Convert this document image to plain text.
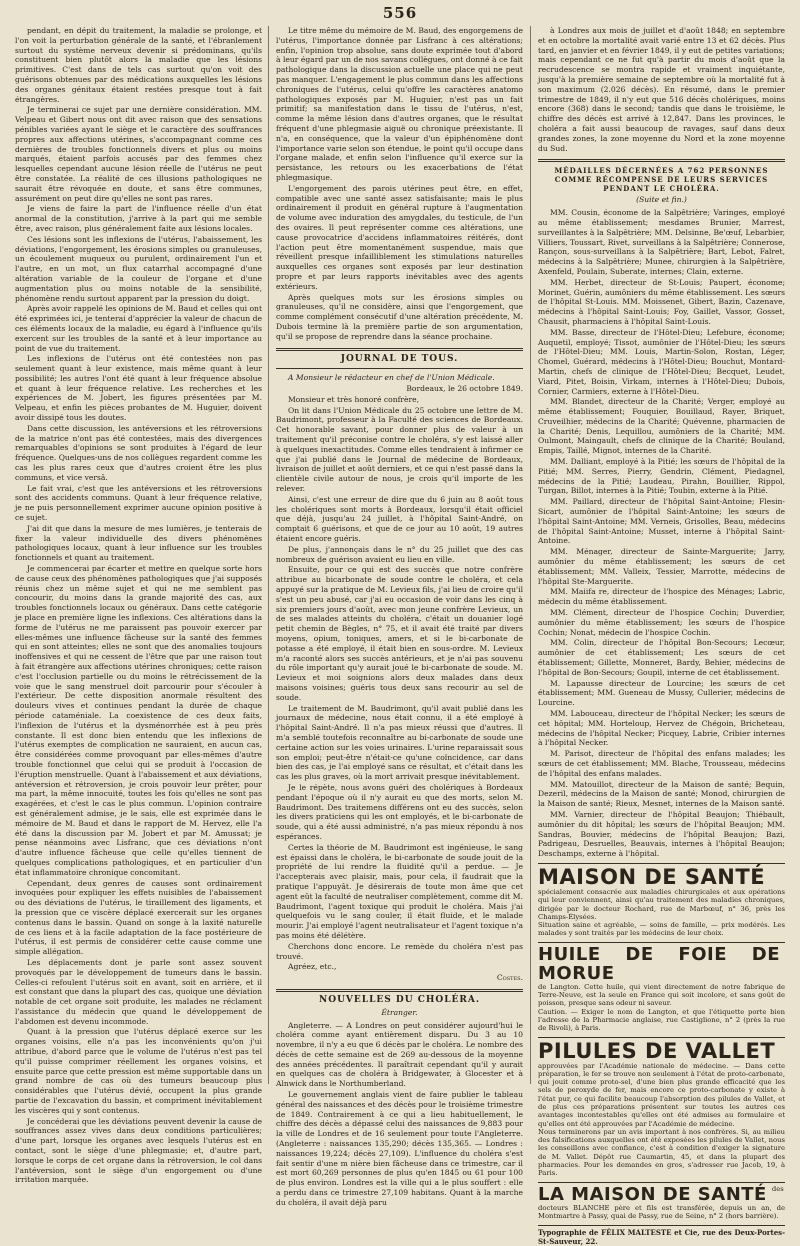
556

pendant, en dépit du traitement, la maladie se prolonge, et l'on voit la perturbation générale de la santé, et l'ébranlement surtout du système nerveux devenir si prédominans, qu'ils constituent bien plutôt alors la maladie que les lésions primitives. C'est dans de tels cas surtout qu'on voit des guérisons obtenues par des médications auxquelles les lésions des organes génitaux étaient restées presque tout à fait étrangères.

Je terminerai ce sujet par une dernière considération. MM. Velpeau et Gibert nous ont dit avec raison que des sensations pénibles variées ayant le siège et le caractère des souffrances propres aux affections utérines, s'accompagnant comme ces dernières de troubles fonctionnels divers et plus ou moins marqués, étaient parfois accusés par des femmes chez lesquelles cependant aucune lésion réelle de l'utérus ne peut être constatée. La réalité de ces illusions pathologiques ne saurait être révoquée en doute, et sans être communes, assurément on peut dire qu'elles ne sont pas rares.

Je viens de faire la part de l'influence réelle d'un état anormal de la constitution, j'arrive à la part qui me semble être, avec raison, plus généralement faite aux lésions locales.

Ces lésions sont les inflexions de l'utérus, l'abaissement, les déviations, l'engorgement, les érosions simples ou granuleuses, un écoulement muqueux ou purulent, ordinairement l'un et l'autre, en un mot, un flux catarrhal accompagné d'une altération variable de la couleur de l'organe et d'une augmentation plus ou moins notable de la sensibilité, phénomène rendu surtout apparent par la pression du doigt.

Après avoir rappelé les opinions de M. Baud et celles qui ont été exprimées ici, je tenterai d'apprécier la valeur de chacun de ces éléments locaux de la maladie, eu égard à l'influence qu'ils exercent sur les troubles de la santé et à leur importance au point de vue du traitement.

Les inflexions de l'utérus ont été contestées non pas seulement quant à leur existence, mais même quant à leur possibilité; les autres l'ont été quant à leur fréquence absolue et quant à leur fréquence relative. Les recherches et les expériences de M. Jobert, les figures présentées par M. Velpeau, et enfin les pièces probantes de M. Huguier, doivent avoir dissipé tous les doutes.

Dans cette discussion, les antéversions et les rétroversions de la matrice n'ont pas été contestées, mais des divergences remarquables d'opinions se sont produites à l'égard de leur fréquence. Quelques-uns de nos collègues regardent comme les cas les plus rares ceux que d'autres croient être les plus communs, et vice versâ.

Le fait vrai, c'est que les antéversions et les rétroversions sont des accidents communs. Quant à leur fréquence relative, je ne puis personnellement exprimer aucune opinion positive à ce sujet.

J'ai dit que dans la mesure de mes lumières, je tenterais de fixer la valeur individuelle des divers phénomènes pathologiques locaux, quant à leur influence sur les troubles fonctionnels et quant au traitement.

Je commencerai par écarter et mettre en quelque sorte hors de cause ceux des phénomènes pathologiques que j'ai supposés réunis chez un même sujet et qui ne me semblent pas concourir, du moins dans la grande majorité des cas, aux troubles fonctionnels locaux ou généraux. Dans cette catégorie je place en première ligne les inflexions. Ces altérations dans la forme de l'utérus ne me paraissent pas pouvoir exercer par elles-mêmes une influence fâcheuse sur la santé des femmes qui en sont atteintes; elles ne sont que des anomalies toujours inoffensives et qui ne cessent de l'être que par une raison tout à fait étrangère aux affections utérines chroniques; cette raison c'est l'occlusion partielle ou du moins le rétrécissement de la voie que le sang menstruel doit parcourir pour s'écouler à l'extérieur. De cette disposition anormale résultent des douleurs vives et continues pendant la durée de chaque période cataméniale. La coexistence de ces deux faits, l'inflexion de l'utérus et la dysménorrhée est à peu près constante. Il est donc bien entendu que les inflexions de l'utérus exemptes de complication ne sauraient, en aucun cas, être considérées comme provoquant par elles-mêmes d'autre trouble fonctionnel que celui qui se produit à l'occasion de l'éruption menstruelle. Quant à l'abaissement et aux déviations, antéversion et rétroversion, je crois pouvoir leur prêter, pour ma part, la même innocuité, toutes les fois qu'elles ne sont pas exagérées, et c'est le cas le plus commun. L'opinion contraire est généralement admise, je le sais, elle est exprimée dans le mémoire de M. Baud et dans le rapport de M. Hervez, elle l'a été dans la discussion par M. Jobert et par M. Amussat; je pense néanmoins avec Lisfranc, que ces déviations n'ont d'autre influence fâcheuse que celle qu'elles tiennent de quelques complications pathologiques, et en particulier d'un état inflammatoire chronique concomitant.

Cependant, deux genres de causes sont ordinairement invoquées pour expliquer les effets nuisibles de l'abaissement ou des déviations de l'utérus, le tiraillement des ligaments, et la pression que ce viscère déplacé exercerait sur les organes contenus dans le bassin. Quand on songe à la laxité naturelle de ces liens et à la facile adaptation de la face postérieure de l'utérus, il est permis de considérer cette cause comme une simple allégation.

Les déplacements dont je parle sont assez souvent provoqués par le développement de tumeurs dans le bassin. Celles-ci refoulent l'utérus soit en avant, soit en arrière, et il est constant que dans la plupart des cas, quoique une déviation notable de cet organe soit produite, les malades ne réclament l'assistance du médecin que quand le développement de l'abdomen est devenu incommode.

Quant à la pression que l'utérus déplacé exerce sur les organes voisins, elle n'a pas les inconvénients qu'on j'ui attribue, d'abord parce que le volume de l'utérus n'est pas tel qu'il puisse comprimer réellement les organes voisins, et ensuite parce que cette pression est même supportable dans un grand nombre de cas où des tumeurs beaucoup plus considérables que l'utérus dévié, occupent la plus grande partie de l'excavation du bassin, et compriment inévitablement les viscères qui y sont contenus.

Je concéderai que les déviations peuvent devenir la cause de souffrances assez vives dans deux conditions particulières; d'une part, lorsque les organes avec lesquels l'utérus est en contact, sont le siège d'une phlegmasie; et, d'autre part, lorsque le corps de cet organe dans la rétroversion, le col dans l'antéversion, sont le siège d'un engorgement ou d'une irritation marquée.

Le titre même du mémoire de M. Baud, des engorgemens de l'utérus, l'importance donnée par Lisfranc à ces altérations; enfin, l'opinion trop absolue, sans doute exprimée tout d'abord à leur égard par un de nos savans collègues, ont donné à ce fait pathologique dans la discussion actuelle une place qui ne peut pas manquer. L'engagement le plus commun dans les affections chroniques de l'utérus, celui qu'offre les caractères anatomo pathologiques exposés par M. Huguier, n'est pas un fait primitif; sa manifestation dans le tissu de l'utérus, n'est, comme la même lésion dans d'autres organes, que le résultat fréquent d'une phlegmasie aiguë ou chronique préexistante. Il n'a, en conséquence, que la valeur d'un épiphénomène dont l'importance varie selon son étendue, le point qu'il occupe dans l'organe malade, et enfin selon l'influence qu'il exerce sur la persistance, les retours ou les exacerbations de l'état phlegmasique.

L'engorgement des parois utérines peut être, en effet, compatible avec une santé assez satisfaisante; mais le plus ordinairement il produit en général rupture à l'augmentation de volume avec induration des amygdales, du testicule, de l'un des ovaires. Il peut représenter comme ces altérations, une cause provocatrice d'accidens inflammatoires réitérés, dont l'action peut être momentanément suspendue, mais que réveillent presque infailliblement les stimulations naturelles auxquelles ces organes sont exposés par leur destination propre et par leurs rapports inévitables avec des agents extérieurs.

Après quelques mots sur les érosions simples ou granuleuses, qu'il ne considère, ainsi que l'engorgement, que comme complément consécutif d'une altération précédente, M. Dubois termine là la première partie de son argumentation, qu'il se propose de reprendre dans la séance prochaine.

JOURNAL DE TOUS.

A Monsieur le rédacteur en chef de l'Union Médicale.

Bordeaux, le 26 octobre 1849.

Monsieur et très honoré confrère,

On lit dans l'Union Médicale du 25 octobre une lettre de M. Baudrimont, professeur à la Faculté des sciences de Bordeaux. Cet honorable savant, pour donner plus de valeur à un traitement qu'il préconise contre le choléra, s'y est laissé aller à quelques inexactitudes. Comme elles tendraient à infirmer ce que j'ai publié dans le Journal de médecine de Bordeaux, livraison de juillet et août derniers, et ce qui n'est passé dans la clientèle civile autour de nous, je crois qu'il importe de les relever.

Ainsi, c'est une erreur de dire que du 6 juin au 8 août tous les cholériques sont morts à Bordeaux, lorsqu'il était officiel que déjà, jusqu'au 24 juillet, à l'hôpital Saint-André, on comptait 6 guérisons, et que de ce jour au 10 août, 19 autres étaient encore guéris.

De plus, j'annonçais dans le n° du 25 juillet que des cas nombreux de guérison avaient eu lieu en ville.

Ensuite, pour ce qui est des succès que notre confrère attribue au bicarbonate de soude contre le choléra, et cela appuyé sur la pratique de M. Levieux fils, j'ai lieu de croire qu'il s'est un peu abusé, car j'ai eu occasion de voir dans les cinq à six premiers jours d'août, avec mon jeune confrère Levieux, un de ses malades atteints du choléra, c'était un douanier logé petit chemin de Bègles, n° 75, et il avait été traité par divers moyens, opium, toniques, amers, et si le bi-carbonate de potasse a été employé, il était bien en sous-ordre. M. Levieux m'a raconté alors ses succès antérieurs, et je n'ai pas souvenu du rôle important qu'y aurait joué le bi-carbonate de soude. M. Levieux et moi soignions alors deux malades dans deux maisons voisines; guéris tous deux sans recourir au sel de soude.

Le traitement de M. Baudrimont, qu'il avait publié dans les journaux de médecine, nous était connu, il a été employé à l'hôpital Saint-André. Il n'a pas mieux réussi que d'autres. Il m'a semblé toutefois reconnaître au bi-carbonate de soude une certaine action sur les voies urinaires. L'urine reparaissait sous son emploi; peut-être n'était-ce qu'une coïncidence, car dans bien des cas, je l'ai employé sans ce résultat, et c'était dans les cas les plus graves, où la mort arrivait presque inévitablement.

Je le répète, nous avons guéri des cholériques à Bordeaux pendant l'époque où il n'y aurait eu que des morts, selon M. Baudrimont. Des traitemens différens ont eu des succès, selon les divers praticiens qui les ont employés, et le bi-carbonate de soude, qui a été aussi administré, n'a pas mieux répondu à nos espérances.

Certes la théorie de M. Baudrimont est ingénieuse, le sang est épaissi dans le choléra, le bi-carbonate de soude jouit de la propriété de lui rendre la fluidité qu'il a perdue. — Je l'accepterais avec plaisir, mais, pour cela, il faudrait que la pratique l'appuyât. Je désirerais de toute mon âme que cet agent eût la faculté de neutraliser complètement, comme dit M. Baudrimont, l'agent toxique qui produit le choléra. Mais j'ai quelquefois vu le sang couler, il était fluide, et le malade mourir. J'ai employé l'agent neutralisateur et l'agent toxique n'a pas moins été délétère.

Cherchons donc encore. Le remède du choléra n'est pas trouvé.

Agréez, etc.,

Costes.

NOUVELLES DU CHOLÉRA.
Étranger.

Angleterre. — A Londres on peut considérer aujourd'hui le choléra comme ayant entièrement disparu. Du 3 au 10 novembre, il n'y a eu que 6 décès par le choléra. Le nombre des décès de cette semaine est de 269 au-dessous de la moyenne des années précédentes. Il paraîtrait cependant qu'il y aurait en quelques cas de choléra à Bridgewater, à Glocester et à Alnwick dans le Northumberland.

Le gouvernement anglais vient de faire publier le tableau général des naissances et des décès pour le troisième trimestre de 1849. Contrairement à ce qui a lieu habituellement, le chiffre des décès a dépassé celui des naissances de 9,883 pour la ville de Londres et de 16 seulement pour toute l'Angleterre. (Angleterre : naissances 135,290; décès 135,365. — Londres : naissances 19,224; décès 27,109). L'influence du choléra s'est fait sentir d'une m nière bien fâcheuse dans ce trimestre, car il est mort 60,269 personnes de plus qu'en 1845 ou 61 pour 100 de plus environ. Londres est la ville qui a le plus souffert : elle a perdu dans ce trimestre 27,109 habitans. Quant à la marche du choléra, il avait déjà paru

à Londres aux mois de juillet et d'août 1848; en septembre et en octobre la mortalité avait varié entre 13 et 62 décès. Plus tard, en janvier et en février 1849, il y eut de petites variations; mais cependant ce ne fut qu'à partir du mois d'août que la recrudescence se montra rapide et vraiment inquiétante, jusqu'à la première semaine de septembre où la mortalité fut à son maximum (2.026 décès). En résumé, dans le premier trimestre de 1849, il n'y eut que 516 décès cholériques, moins encore (368) dans le second; tandis que dans le troisième, le chiffre des décès est arrivé à 12,847. Dans les provinces, le choléra a fait aussi beaucoup de ravages, sauf dans deux grandes zones, la zone moyenne du Nord et la zone moyenne du Sud.

MÉDAILLES DÉCERNÉES A 762 PERSONNES COMME RÉCOMPENSE DE LEURS SERVICES PENDANT LE CHOLÉRA.
(Suite et fin.)

MM. Cousin, économe de la Salpêtrière; Varinges, employé au même établissement; mesdames Brunier, Marrest, surveillantes à la Salpêtrière; MM. Delsinne, Be'œuf, Lebarbier, Villiers, Toussart, Rivet, surveillans à la Salpêtrière; Connerose, Rançon, sous-surveillans à la Salpêtrière; Bart, Lebot, Falret, médecins à la Salpêtrière; Munee, chirurgien à la Salpêtrière, Axenfeld, Poulain, Suberate, internes; Clain, externe.

MM. Herbet, directeur de St-Louis; Paupert, économe; Morinet, Guérin, aumôniers du même établissement. Les sœurs de l'hôpital St-Louis. MM. Moissenet, Gibert, Bazin, Cazenave, médecins à l'hôpital Saint-Louis; Foy, Gaillet, Vassor, Gosset, Chausit, pharmaciens à l'hôpital Saint-Louis.

MM. Basse, directeur de l'Hôtel-Dieu; Lefebure, économe; Auquetil, employé; Tissot, aumônier de l'Hôtel-Dieu; les sœurs de l'Hôtel-Dieu; MM. Louis, Martin-Solon, Rostan, Léger, Chomel, Guérard, médecins à l'Hôtel-Dieu; Bouchut, Montard-Martin, chefs de clinique de l'Hôtel-Dieu; Becquet, Leudet, Viard, Pitet, Boisin, Virkam, internes à l'Hôtel-Dieu; Dubois, Cornier, Carmiers, externe à l'Hôtel-Dieu.

MM. Blandet, directeur de la Charité; Verger, employé au même établissement; Fouquier, Bouillaud, Rayer, Briquet, Cruveilhier, médecins de la Charité; Quévenne, pharmacien de la Charité; Denis, Lequillou, aumôniers de la Charité; MM. Oulmont, Maingault, chefs de clinique de la Charité; Bouland, Empis, Taillé, Mignot, internes de la Charité.

MM. Dalliant, employé à la Pitié; les sœurs de l'hôpital de la Pitié; MM. Serres, Pierry, Gendrin, Clément, Piedagnel, médecins de la Pitié; Laudeau, Pirahn, Bouillier, Rippol, Turgan, Billot, internes à la Pitié; Toubin, externe à la Pitié.

MM. Paillard, directeur de l'hôpital Saint-Antoine; Flesin-Sicart, aumônier de l'hôpital Saint-Antoine; les sœurs de l'hôpital Saint-Antoine; MM. Verneis, Grisolles, Beau, médecins de l'hôpital Saint-Antoine; Musset, interne à l'hôpital Saint-Antoine.

MM. Ménager, directeur de Sainte-Marguerite; Jarry, aumônier du même établissement; les sœurs de cet établissement; MM. Valleix, Tessier, Marrotte, médecins de l'hôpital Ste-Marguerite.

MM. Maiifa re, directeur de l'hospice des Ménages; Labric, médecin du même établissement.

MM. Clément, directeur de l'hospice Cochin; Duverdier, aumônier du même établissement; les sœurs de l'hospice Cochin; Nonat, médecin de l'hospice Cochin.

MM. Colin, directeur de l'hôpital Bon-Secours; Lecœur, aumônier de cet établissement; Les sœurs de cet établissement; Gillette, Monneret, Bardy, Behier, médecins de l'hôpital de Bon-Secours; Goupil, interne de cet établissement.

M. Lapausse directeur de Lourcine; les sœurs de cet établissement; MM. Gueneau de Mussy, Cullerier, médecins de Lourcine.

MM. Labouceau, directeur de l'hôpital Necker; les sœurs de cet hôpital; MM. Horteloup, Hervez de Chégoin, Bricheteau, médecins de l'hôpital Necker; Picquey, Labrie, Cribier internes à l'hôpital Necker.

M. Parisot, directeur de l'hôpital des enfans malades; les sœurs de cet établissement; MM. Blache, Trousseau, médecins de l'hôpital des enfans malades.

MM. Matouillot, directeur de la Maison de santé; Bequin, Dezeril, médecins de la Maison de santé; Monod, chirurgien de la Maison de santé; Rieux, Mesnet, internes de la Maison santé.

MM. Varnier, directeur de l'hôpital Beaujon; Thiébault, aumônier du dit hôpital; les sœurs de l'hôpital Beaujon; MM. Sandras, Bouvier, médecins de l'hôpital Beaujon; Bazi, Padrigeau, Desruelles, Beauvais, internes à l'hôpital Beaujon; Deschamps, externe à l'hôpital.

MAISON DE SANTÉ
spécialement consacrée aux maladies chirurgicales et aux opérations qui leur conviennent, ainsi qu'au traitement des maladies chroniques, dirigée par le docteur Rochard, rue de Marbœuf, n° 36, près les Champs-Élysées.
Situation saine et agréable, — soins de famille, — prix modérés. Les malades y sont traités par les médecins de leur choix.
HUILE DE FOIE DE MORUE
de Langton. Cette huile, qui vient directement de notre fabrique de Terre-Neuve, est la seule en France qui soit incolore, et sans goût de poisson, presque sans odeur ni saveur.
Caution. — Exiger le nom de Langton, et que l'étiquette porte bien l'adresse de la Pharmacie anglaise, rue Castiglione, n° 2 (près la rue de Rivoli), à Paris.
PILULES DE VALLET
approuvées par l'Académie nationale de médecine. — Dans cette préparation, le fer se trouve non seulement à l'état de proto-carbonate, qui jouit comme proto-sel, d'une bien plus grande efficacité que les sels de peroxyde de fer, mais encore ce proto-carbonate y existe à l'état pur, ce qui facilite beaucoup l'absorption des pilules de Vallet, et de plus ces préparations présentent sur toutes les autres ces avantages incontestables qu'elles ont été admises au formulaire et qu'elles ont été approuvées par l'Académie de médecine.
Nous terminerons par un avis important à nos confrères. Si, au milieu des falsifications auxquelles ont été exposées les pilules de Vallet, nous les conseillons avec confiance, c'est à condition d'exiger la signature de M. Vallet. Dépôt rue Caumartin, 45, et dans la plupart des pharmacies. Pour les demandes en gros, s'adresser rue Jacob, 19, à Paris.
LA MAISON DE SANTÉ des docteurs BLANCHE père et fils est transférée, depuis un an, de Montmartre à Passy, quai de Passy, rue de Seine, n° 2 (hors barrière).
Typographie de FÉLIX MALTESTE et Cie, rue des Deux-Portes-St-Sauveur, 22.
